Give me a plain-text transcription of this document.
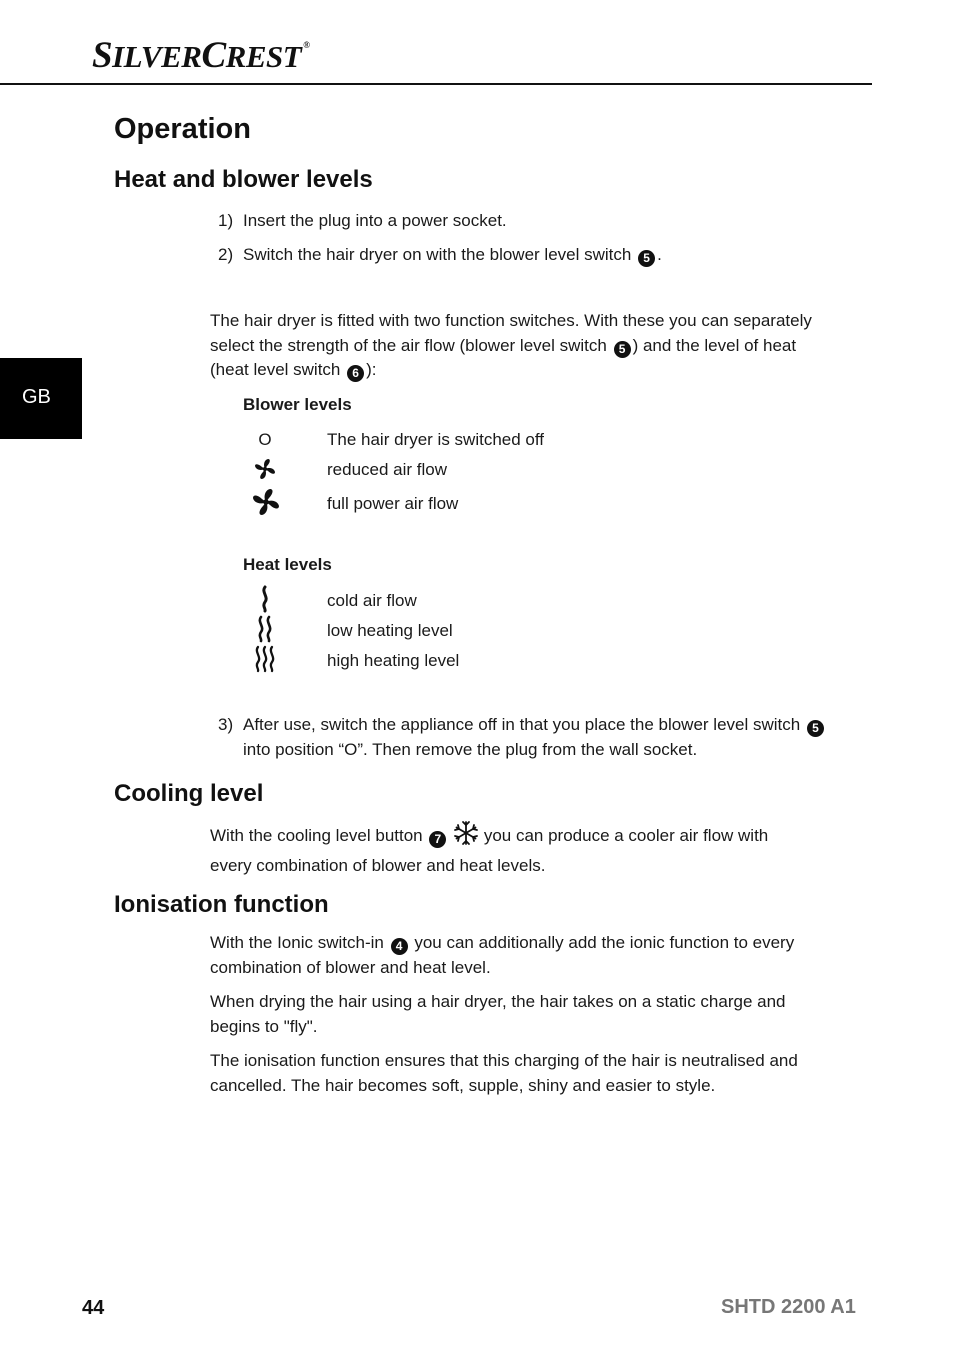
SILVERCREST ®
GB
Operation
Heat and blower levels
1) Insert the plug into a power socket.
2) Switch the hair dryer on with the blower level switch 5 .
The hair dryer is fitted with two function switches. With these you can separately
select the strength of the air flow (blower level switch 5 ) and the level of heat
(heat level switch 6 ):
Blower levels
O	The hair dryer is switched off
reduced air flow
full power air flow
Heat levels
cold air flow
low heating level
high heating level
3) After use, switch the appliance off in that you place the blower level switch 5
into position “O”. Then remove the plug from the wall socket.
Cooling level
With the cooling level button 7	you can produce a cooler air flow with
every combination of blower and heat levels.
Ionisation function
With the Ionic switch-in 4 you can additionally add the ionic function to every
combination of blower and heat level.
When drying the hair using a hair dryer, the hair takes on a static charge and
begins to "fly".
The ionisation function ensures that this charging of the hair is neutralised and
cancelled. The hair becomes soft, supple, shiny and easier to style.
44	SHTD 2200 A1
